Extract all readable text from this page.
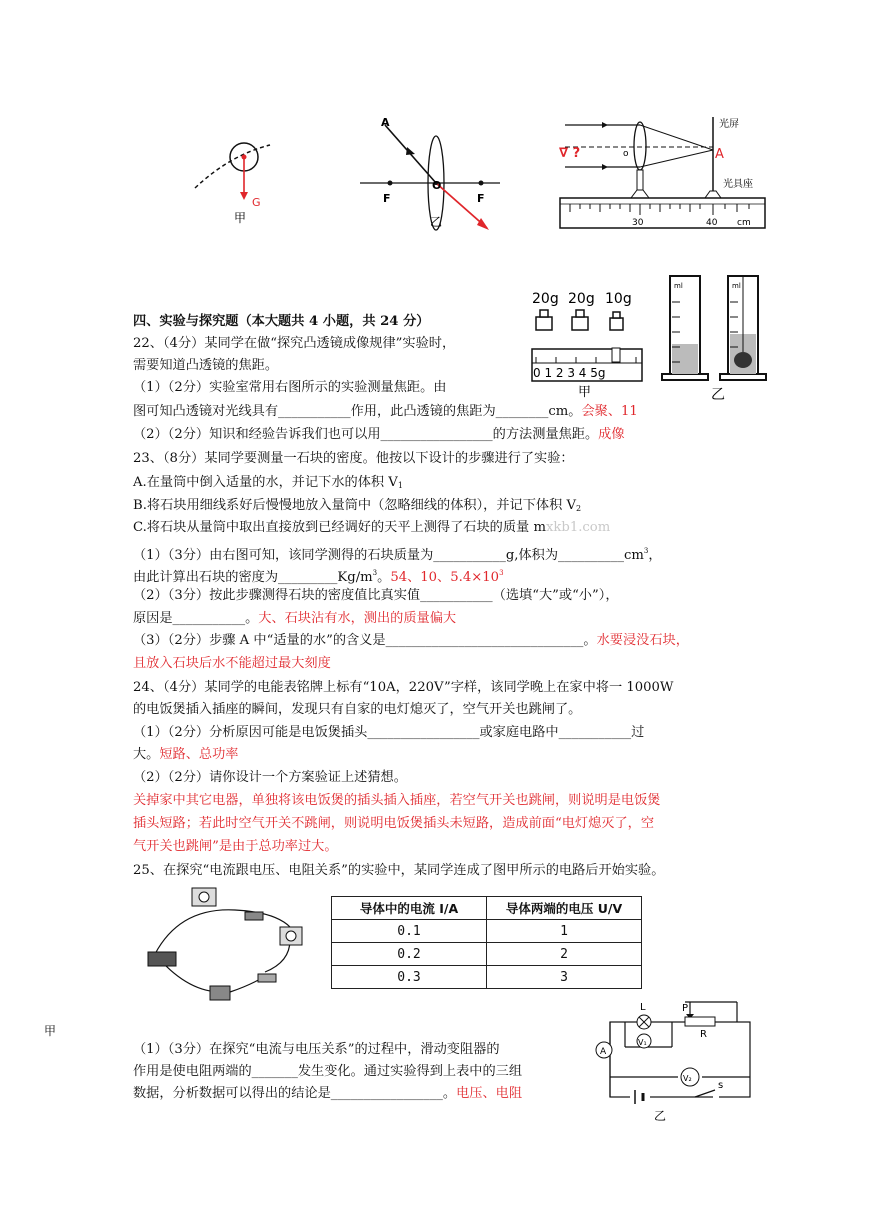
G
甲
A
F	F
O
乙
光屏
光具座
A
o
∇ ?
30	40 cm
20g 20g 10g
0 1 2 3 4 5g
甲
ml	ml
乙
四、实验与探究题（本大题共 4 小题，共 24 分）
22、（4分）某同学在做“探究凸透镜成像规律”实验时，
需要知道凸透镜的焦距。
（1）（2分）实验室常用右图所示的实验测量焦距。由
图可知凸透镜对光线具有___________作用，此凸透镜的焦距为________cm。会聚、11
（2）（2分）知识和经验告诉我们也可以用_________________的方法测量焦距。成像
23、（8分）某同学要测量一石块的密度。他按以下设计的步骤进行了实验：
A.在量筒中倒入适量的水，并记下水的体积 $V_1$
B.将石块用细线系好后慢慢地放入量筒中（忽略细线的体积），并记下体积 $V_2$
C.将石块从量筒中取出直接放到已经调好的天平上测得了石块的质量 mxkb1.com
（1）（3分）由右图可知，该同学测得的石块质量为___________g,体积为$\_\_\_\_\_\_\_\_\_\_cm^3$，
由此计算出石块的密度为$\_\_\_\_\_\_\_\_\_Kg/m^3$。54、10、$5.4\times 10^3$
（2）（3分）按此步骤测得石块的密度值比真实值___________（选填“大”或“小”），
原因是___________。大、石块沾有水，测出的质量偏大
（3）（2分）步骤 A 中“适量的水”的含义是______________________________。水要浸没石块，
且放入石块后水不能超过最大刻度
24、（4分）某同学的电能表铭牌上标有“10A，220V”字样，该同学晚上在家中将一 1000W
的电饭煲插入插座的瞬间，发现只有自家的电灯熄灭了，空气开关也跳闸了。
（1）（2分）分析原因可能是电饭煲插头_________________或家庭电路中___________过
大。短路、总功率
（2）（2分）请你设计一个方案验证上述猜想。
关掉家中其它电器，单独将该电饭煲的插头插入插座，若空气开关也跳闸，则说明是电饭煲
插头短路；若此时空气开关不跳闸，则说明电饭煲插头未短路，造成前面“电灯熄灭了，空
气开关也跳闸”是由于总功率过大。
25、在探究“电流跟电压、电阻关系”的实验中，某同学连成了图甲所示的电路后开始实验。
甲
导体中的电流 I/A	导体两端的电压 U/V
0.1	1
0.2	2
0.3	3
L	P
R
A
V₁
V₂
s
乙
（1）（3分）在探究“电流与电压关系”的过程中，滑动变阻器的
作用是使电阻两端的_______发生变化。通过实验得到上表中的三组
数据，分析数据可以得出的结论是_________________。电压、电阻
